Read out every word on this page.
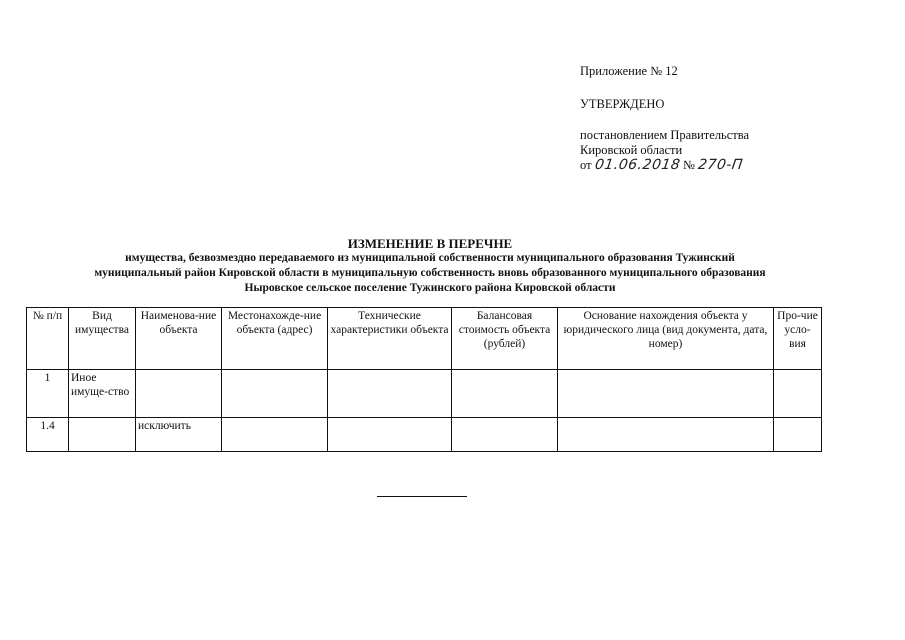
Приложение № 12
УТВЕРЖДЕНО
постановлением Правительства
Кировской области
от 01.06.2018 № 270-П
ИЗМЕНЕНИЕ В ПЕРЕЧНЕ
имущества, безвозмездно передаваемого из муниципальной собственности муниципального образования Тужинский
муниципальный район Кировской области в муниципальную собственность вновь образованного муниципального образования
Ныровское сельское поселение Тужинского района Кировской области
№ п/п	Вид имущества	Наименова-ние объекта	Местонахожде-ние объекта (адрес)	Технические характеристики объекта	Балансовая стоимость объекта (рублей)	Основание нахождения объекта у юридического лица (вид документа, дата, номер)	Про-чие усло-вия
1	Иное имуще-ство						
1.4		исключить					
